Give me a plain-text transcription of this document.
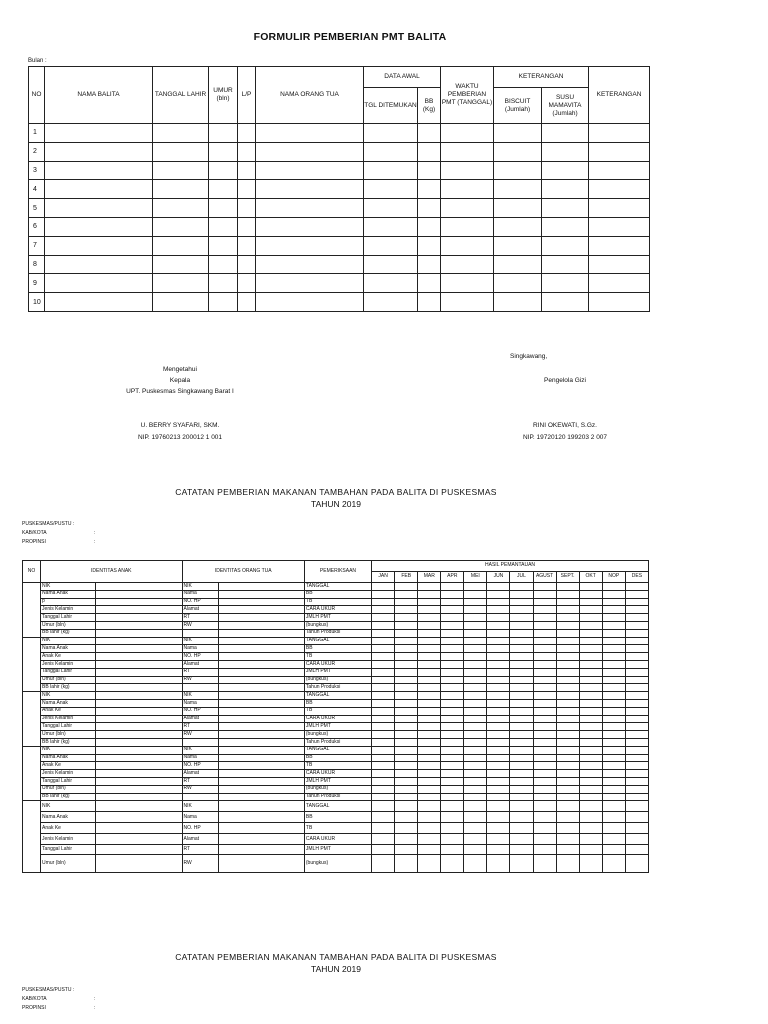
FORMULIR PEMBERIAN PMT BALITA
Bulan :
NO	NAMA BALITA	TANGGAL LAHIR	UMUR (bln)	L/P	NAMA ORANG TUA	DATA AWAL		WAKTU PEMBERIAN PMT (TANGGAL)	KETERANGAN		KETERANGAN
						TGL DITEMUKAN	BB (Kg)		BISCUIT (Jumlah)	SUSU MAMAVITA (Jumlah)	
1											
2											
3											
4											
5											
6											
7											
8											
9											
10											
Singkawang,
Mengetahui
Kepala
UPT. Puskesmas Singkawang Barat I
Pengelola Gizi
U. BERRY SYAFARI, SKM.
NIP. 19760213 200012 1 001
RINI OKEWATI, S.Gz.
NIP. 19720120 199203 2 007
CATATAN PEMBERIAN MAKANAN TAMBAHAN PADA BALITA DI PUSKESMAS
TAHUN 2019
PUSKESMAS/PUSTU :
KAB/KOTA	:
PROPINSI	:
NO	IDENTITAS ANAK		IDENTITAS ORANG TUA		PEMERIKSAAN	HASIL PEMANTAUAN											
						JAN	FEB	MAR	APR	MEI	JUN	JUL	AGUST	SEPT.	OKT	NOP	DES
	NIK		NIK		TANGGAL												
	Nama Anak		Nama		BB												
	p		NO. HP		TB												
	Jenis Kelamin		Alamat		CARA UKUR												
	Tanggal Lahir		RT		JMLH PMT												
	Umur (bln)		RW		(bungkus)												
	BB lahir (kg)				Tahun Produksi												
	NIK		NIK		TANGGAL												
	Nama Anak		Nama		BB												
	Anak Ke		NO. HP		TB												
	Jenis Kelamin		Alamat		CARA UKUR												
	Tanggal Lahir		RT		JMLH PMT												
	Umur (bln)		RW		(bungkus)												
	BB lahir (kg)				Tahun Produksi												
	NIK		NIK		TANGGAL												
	Nama Anak		Nama		BB												
	Anak Ke		NO. HP		TB												
	Jenis Kelamin		Alamat		CARA UKUR												
	Tanggal Lahir		RT		JMLH PMT												
	Umur (bln)		RW		(bungkus)												
	BB lahir (kg)				Tahun Produksi												
	NIK		NIK		TANGGAL												
	Nama Anak		Nama		BB												
	Anak Ke		NO. HP		TB												
	Jenis Kelamin		Alamat		CARA UKUR												
	Tanggal Lahir		RT		JMLH PMT												
	Umur (bln)		RW		(bungkus)												
	BB lahir (kg)				Tahun Produksi												
	NIK		NIK		TANGGAL												
	Nama Anak		Nama		BB												
	Anak Ke		NO. HP		TB												
	Jenis Kelamin		Alamat		CARA UKUR												
	Tanggal Lahir		RT		JMLH PMT												
	Umur (bln)		RW		(bungkus)												
CATATAN PEMBERIAN MAKANAN TAMBAHAN PADA BALITA DI PUSKESMAS
TAHUN 2019
PUSKESMAS/PUSTU :
KAB/KOTA	:
PROPINSI	:
